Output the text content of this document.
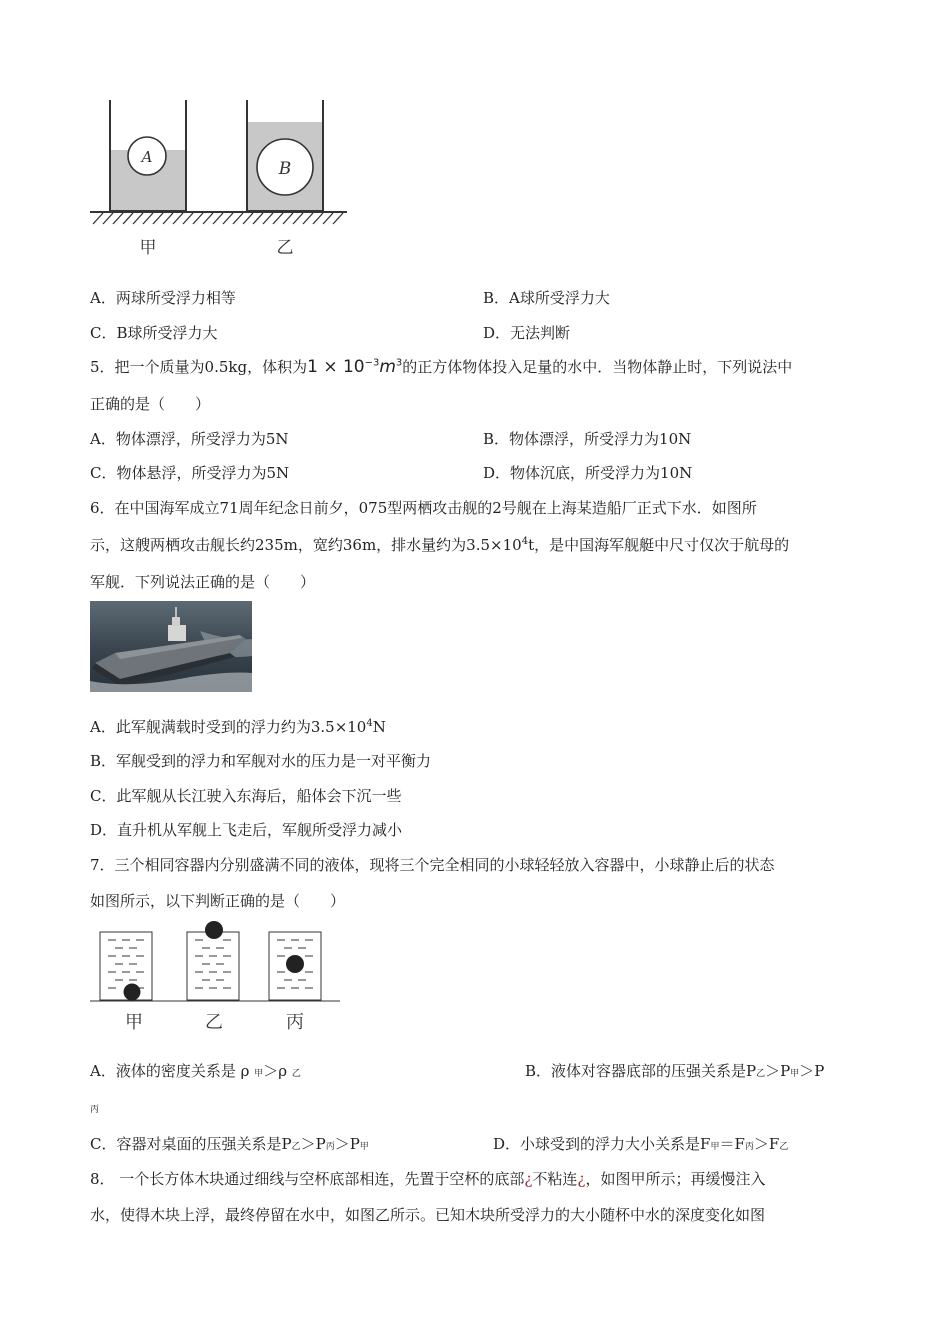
A
B
甲	乙
A．两球所受浮力相等	B．A球所受浮力大
C．B球所受浮力大	D．无法判断
5．把一个质量为0.5kg，体积为$1 \times 10^{-3}m^3$的正方体物体投入足量的水中．当物体静止时，下列说法中
正确的是（　　）
A．物体漂浮，所受浮力为5N	B．物体漂浮，所受浮力为10N
C．物体悬浮，所受浮力为5N	D．物体沉底，所受浮力为10N
6．在中国海军成立71周年纪念日前夕，075型两栖攻击舰的2号舰在上海某造船厂正式下水．如图所
示，这艘两栖攻击舰长约235m，宽约36m，排水量约为$3.5\times 10^4t$，是中国海军舰艇中尺寸仅次于航母的
军舰．下列说法正确的是（　　）
A．此军舰满载时受到的浮力约为$3.5\times 10^4N$
B．军舰受到的浮力和军舰对水的压力是一对平衡力
C．此军舰从长江驶入东海后，船体会下沉一些
D．直升机从军舰上飞走后，军舰所受浮力减小
7．三个相同容器内分别盛满不同的液体，现将三个完全相同的小球轻轻放入容器中，小球静止后的状态
如图所示，以下判断正确的是（　　）
甲	乙	丙
A．液体的密度关系是 ρ 甲＞ρ 乙	B．液体对容器底部的压强关系是P乙＞P甲＞P
丙
C．容器对桌面的压强关系是P乙＞P丙＞P甲	D．小球受到的浮力大小关系是F甲＝F丙＞F乙
8． 一个长方体木块通过细线与空杯底部相连，先置于空杯的底部¿不粘连¿，如图甲所示；再缓慢注入
水，使得木块上浮，最终停留在水中，如图乙所示。已知木块所受浮力的大小随杯中水的深度变化如图
